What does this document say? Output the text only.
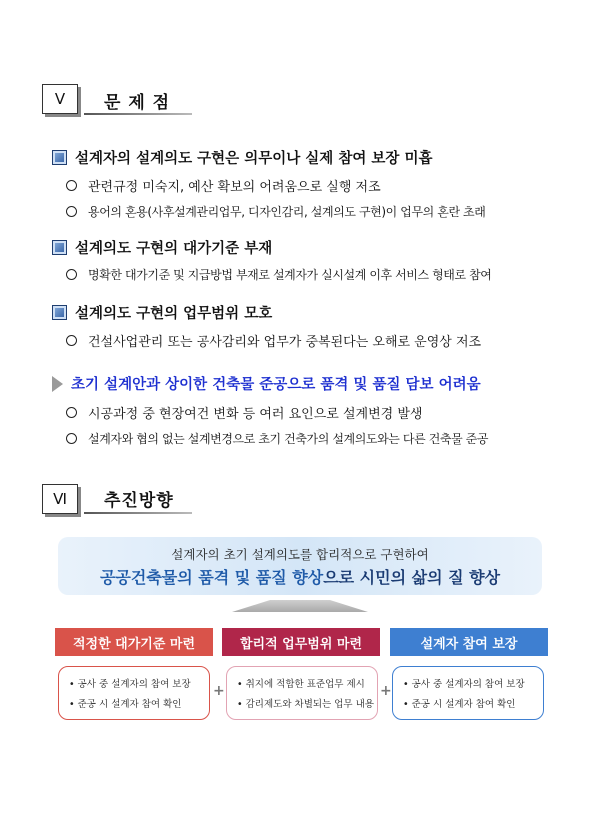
Ⅴ 문 제 점
설계자의 설계의도 구현은 의무이나 실제 참여 보장 미흡
관련규정 미숙지, 예산 확보의 어려움으로 실행 저조
용어의 혼용(사후설계관리업무, 디자인감리, 설계의도 구현)이 업무의 혼란 초래
설계의도 구현의 대가기준 부재
명확한 대가기준 및 지급방법 부재로 설계자가 실시설계 이후 서비스 형태로 참여
설계의도 구현의 업무범위 모호
건설사업관리 또는 공사감리와 업무가 중복된다는 오해로 운영상 저조
초기 설계안과 상이한 건축물 준공으로 품격 및 품질 담보 어려움
시공과정 중 현장여건 변화 등 여러 요인으로 설계변경 발생
설계자와 협의 없는 설계변경으로 초기 건축가의 설계의도와는 다른 건축물 준공
Ⅵ 추진방향
설계자의 초기 설계의도를 합리적으로 구현하여
공공건축물의 품격 및 품질 향상으로 시민의 삶의 질 향상
적정한 대가기준 마련
• 공사 중 설계자의 참여 보장
• 준공 시 설계자 참여 확인
+
합리적 업무범위 마련
• 취지에 적합한 표준업무 제시
• 감리제도와 차별되는 업무 내용
+
설계자 참여 보장
• 공사 중 설계자의 참여 보장
• 준공 시 설계자 참여 확인
